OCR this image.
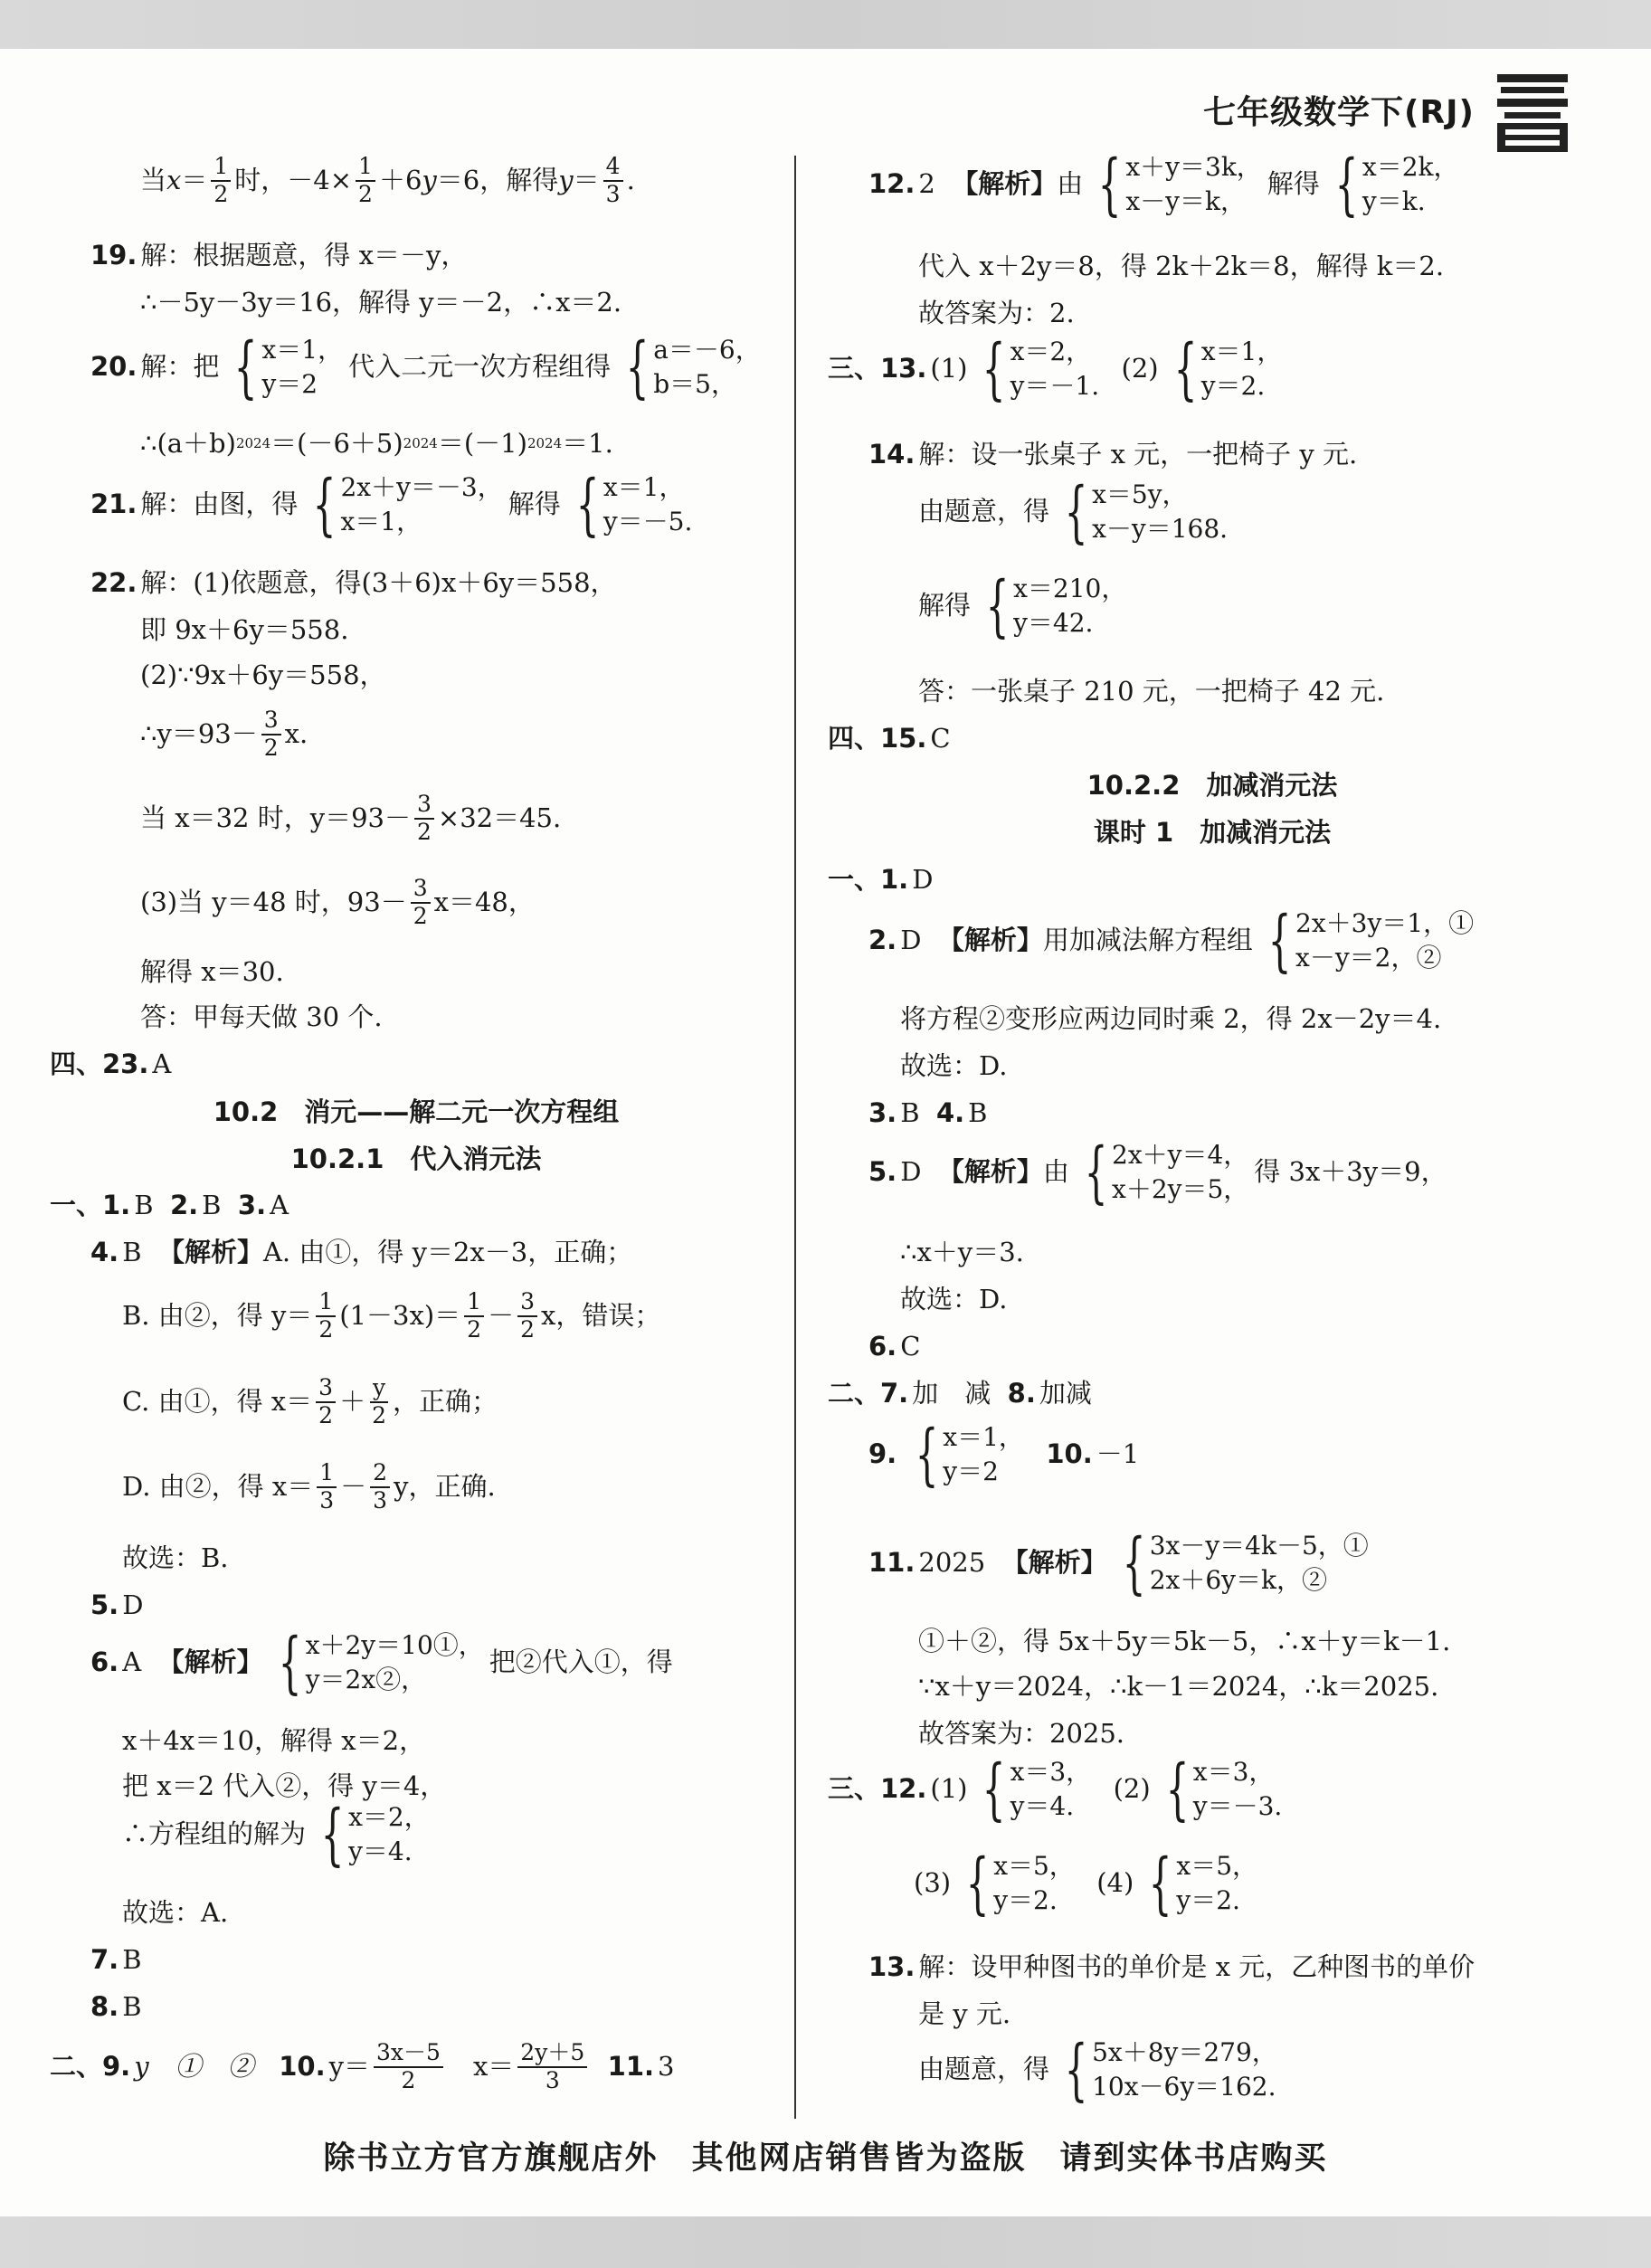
七年级数学下(RJ)
当 $x = \frac{1}{2}$ 时，$-4\times \frac{1}{2} +6$ y ＝6，解得 $y = \frac{4}{3}$ .
19. 解：根据题意，得 x＝－y，
∴－5y－3y＝16，解得 y＝－2，∴x＝2.
20. 解：把 { x＝1，
y＝2
代入二元一次方程组得 { a＝－6，
b＝5，
∴(a＋b) 2024 ＝(－6＋5) 2024 ＝(－1) 2024 ＝1.
21. 解：由图，得 { 2x＋y＝－3，
x＝1，
解得 { x＝1，
y＝－5.
22. 解：(1)依题意，得(3＋6)x＋6y＝558，
即 9x＋6y＝558.
(2)∵9x＋6y＝558，
∴y＝93－ $\frac{3}{2} x$.
当 x＝32 时，$y=93- \frac{3}{2} \times 32=45$.
(3)当 y＝48 时，$93- \frac{3}{2} x=48$，
解得 x＝30.
答：甲每天做 30 个.
四、23. A
10.2　消元——解二元一次方程组
10.2.1　代入消元法
一、1. B
2. B
3. A
4. B
【解析】 A. 由①，得 y＝2x－3，正确；
B. 由②，得 $y= \frac{1}{2} (1-3x)= \frac{1}{2} - \frac{3}{2}$ x，错误；
C. 由①，得 $x= \frac{3}{2} + \frac{y}{2}$ ，正确；
D. 由②，得 $x= \frac{1}{3} - \frac{2}{3}$ y，正确.
故选：B.
5. D
6. A
【解析】 { x＋2y＝10①，
y＝2x②，
把②代入①，得
x＋4x＝10，解得 x＝2，
把 x＝2 代入②，得 y＝4，
∴方程组的解为 { x＝2，
y＝4.
故选：A.
7. B
8. B
二、9. y　①　②
10. $y= \frac{3x-5}{2}$ 　$x= \frac{2y+5}{3}$
11. 3
12. 2
【解析】 由 { x＋y＝3k，
x－y＝k，
解得 { x＝2k，
y＝k.
代入 x＋2y＝8，得 2k＋2k＝8，解得 k＝2.
故答案为：2.
三、13. (1) { x＝2，
y＝－1.

(2) { x＝1，
y＝2.
14. 解：设一张桌子 x 元，一把椅子 y 元.
由题意，得 { x＝5y，
x－y＝168.
解得 { x＝210，
y＝42.
答：一张桌子 210 元，一把椅子 42 元.
四、15. C
10.2.2　加减消元法
课时 1　加减消元法
一、1. D
2. D
【解析】 用加减法解方程组 { 2x＋3y＝1，①
x－y＝2，②
将方程②变形应两边同时乘 2，得 2x－2y＝4.
故选：D.
3. B
4. B
5. D
【解析】 由 { 2x＋y＝4，
x＋2y＝5，
得 3x＋3y＝9，
∴x＋y＝3.
故选：D.
6. C
二、7. 加　减
8. 加减
9. { x＝1，
y＝2

10. －1
11. 2025
【解析】 { 3x－y＝4k－5，①
2x＋6y＝k，②
①＋②，得 5x＋5y＝5k－5，∴x＋y＝k－1.
∵x＋y＝2024，∴k－1＝2024，∴k＝2025.
故答案为：2025.
三、12. (1) { x＝3，
y＝4.

(2) { x＝3，
y＝－3.
(3) { x＝5，
y＝2.

(4) { x＝5，
y＝2.
13. 解：设甲种图书的单价是 x 元，乙种图书的单价
是 y 元.
由题意，得 { 5x＋8y＝279，
10x－6y＝162.
除书立方官方旗舰店外　其他网店销售皆为盗版　请到实体书店购买
